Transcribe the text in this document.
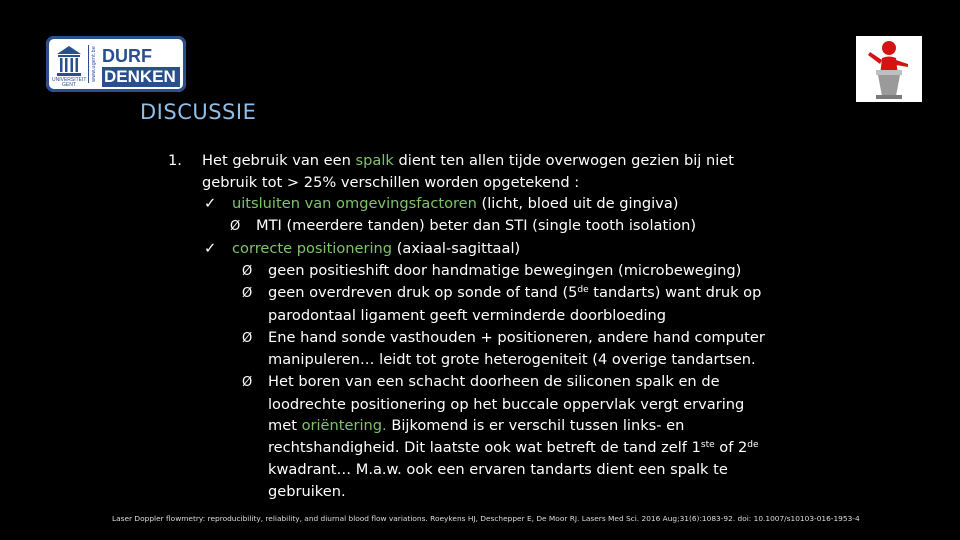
UNIVERSITEIT GENT
www.ugent.be DURF
DENKEN
DISCUSSIE
1. Het gebruik van een spalk dient ten allen tijde overwogen gezien bij niet
gebruik tot > 25% verschillen worden opgetekend :
✓ uitsluiten van omgevingsfactoren (licht, bloed uit de gingiva)
Ø MTI (meerdere tanden) beter dan STI (single tooth isolation)
✓ correcte positionering (axiaal-sagittaal)
Ø geen positieshift door handmatige bewegingen (microbeweging)
Ø geen overdreven druk op sonde of tand (5de tandarts) want druk op
parodontaal ligament geeft verminderde doorbloeding
Ø Ene hand sonde vasthouden + positioneren, andere hand computer
manipuleren… leidt tot grote heterogeniteit (4 overige tandartsen.
Ø Het boren van een schacht doorheen de siliconen spalk en de
loodrechte positionering op het buccale oppervlak vergt ervaring
met oriëntering. Bijkomend is er verschil tussen links- en
rechtshandigheid. Dit laatste ook wat betreft de tand zelf 1ste of 2de
kwadrant… M.a.w. ook een ervaren tandarts dient een spalk te
gebruiken.
Laser Doppler flowmetry: reproducibility, reliability, and diurnal blood flow variations. Roeykens HJ, Deschepper E, De Moor RJ. Lasers Med Sci. 2016 Aug;31(6):1083-92. doi: 10.1007/s10103-016-1953-4
